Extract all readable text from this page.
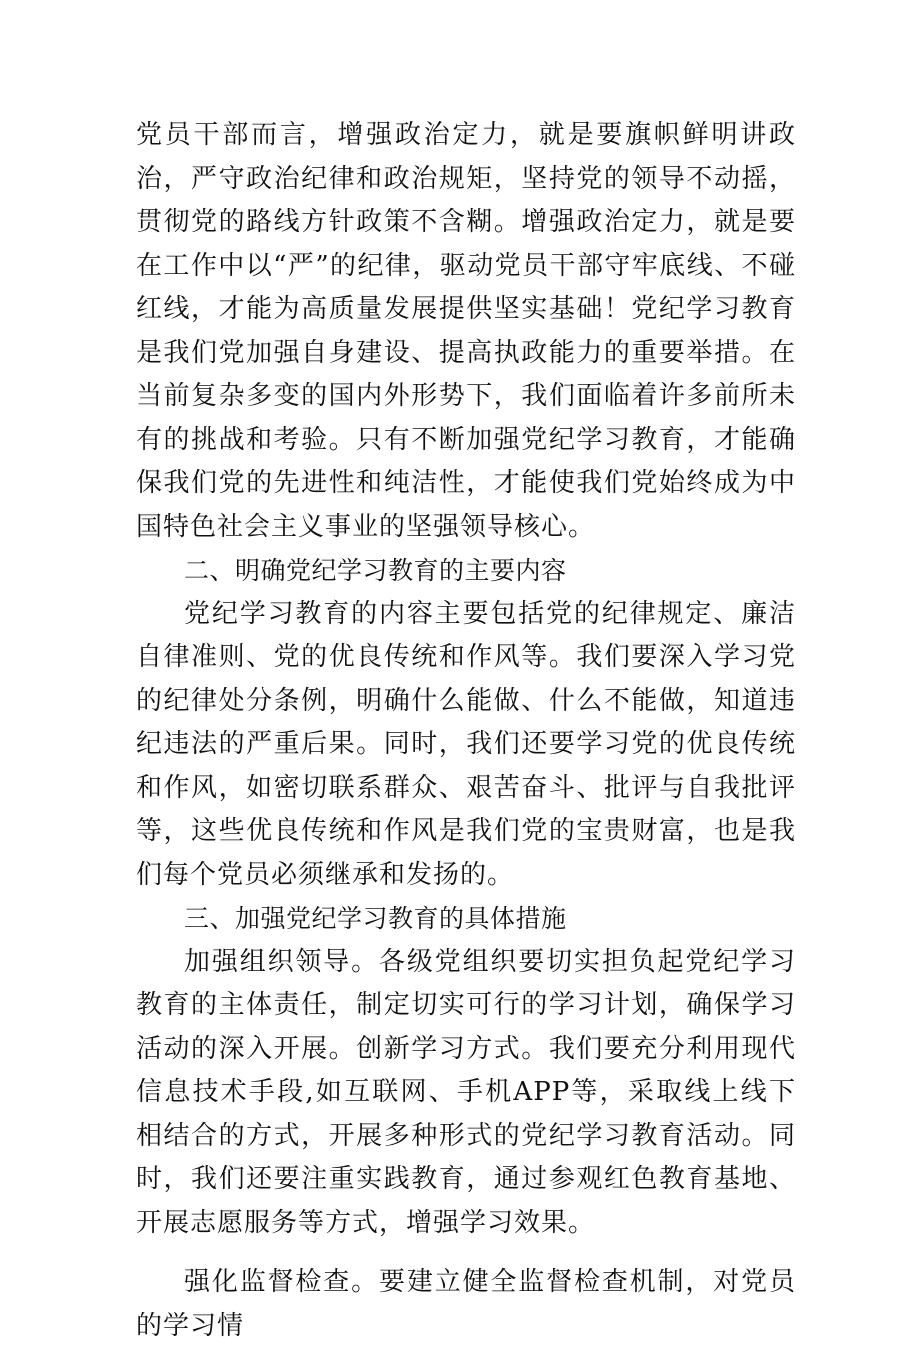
党员干部而言，增强政治定力，就是要旗帜鲜明讲政治，严守政治纪律和政治规矩，坚持党的领导不动摇，贯彻党的路线方针政策不含糊。增强政治定力，就是要在工作中以“严”的纪律，驱动党员干部守牢底线、不碰红线，才能为高质量发展提供坚实基础！党纪学习教育是我们党加强自身建设、提高执政能力的重要举措。在当前复杂多变的国内外形势下，我们面临着许多前所未有的挑战和考验。只有不断加强党纪学习教育，才能确保我们党的先进性和纯洁性，才能使我们党始终成为中国特色社会主义事业的坚强领导核心。

二、明确党纪学习教育的主要内容

党纪学习教育的内容主要包括党的纪律规定、廉洁自律准则、党的优良传统和作风等。我们要深入学习党的纪律处分条例，明确什么能做、什么不能做，知道违纪违法的严重后果。同时，我们还要学习党的优良传统和作风，如密切联系群众、艰苦奋斗、批评与自我批评等，这些优良传统和作风是我们党的宝贵财富，也是我们每个党员必须继承和发扬的。

三、加强党纪学习教育的具体措施

加强组织领导。各级党组织要切实担负起党纪学习教育的主体责任，制定切实可行的学习计划，确保学习活动的深入开展。创新学习方式。我们要充分利用现代信息技术手段,如互联网、手机APP等，采取线上线下相结合的方式，开展多种形式的党纪学习教育活动。同时，我们还要注重实践教育，通过参观红色教育基地、开展志愿服务等方式，增强学习效果。

强化监督检查。要建立健全监督检查机制，对党员的学习情
